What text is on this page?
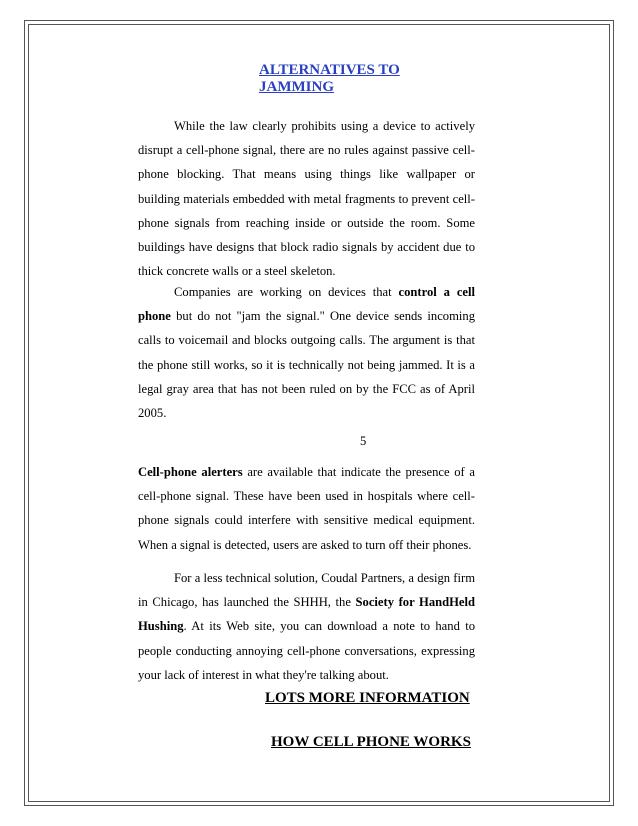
ALTERNATIVES TO
JAMMING

While the law clearly prohibits using a device to actively disrupt a cell-phone signal, there are no rules against passive cell-phone blocking. That means using things like wallpaper or building materials embedded with metal fragments to prevent cell-phone signals from reaching inside or outside the room. Some buildings have designs that block radio signals by accident due to thick concrete walls or a steel skeleton.

Companies are working on devices that control a cell phone but do not "jam the signal." One device sends incoming calls to voicemail and blocks outgoing calls. The argument is that the phone still works, so it is technically not being jammed. It is a legal gray area that has not been ruled on by the FCC as of April 2005.

5

Cell-phone alerters are available that indicate the presence of a cell-phone signal. These have been used in hospitals where cell-phone signals could interfere with sensitive medical equipment. When a signal is detected, users are asked to turn off their phones.

For a less technical solution, Coudal Partners, a design firm in Chicago, has launched the SHHH, the Society for HandHeld Hushing. At its Web site, you can download a note to hand to people conducting annoying cell-phone conversations, expressing your lack of interest in what they're talking about.

LOTS MORE INFORMATION
HOW CELL PHONE WORKS
